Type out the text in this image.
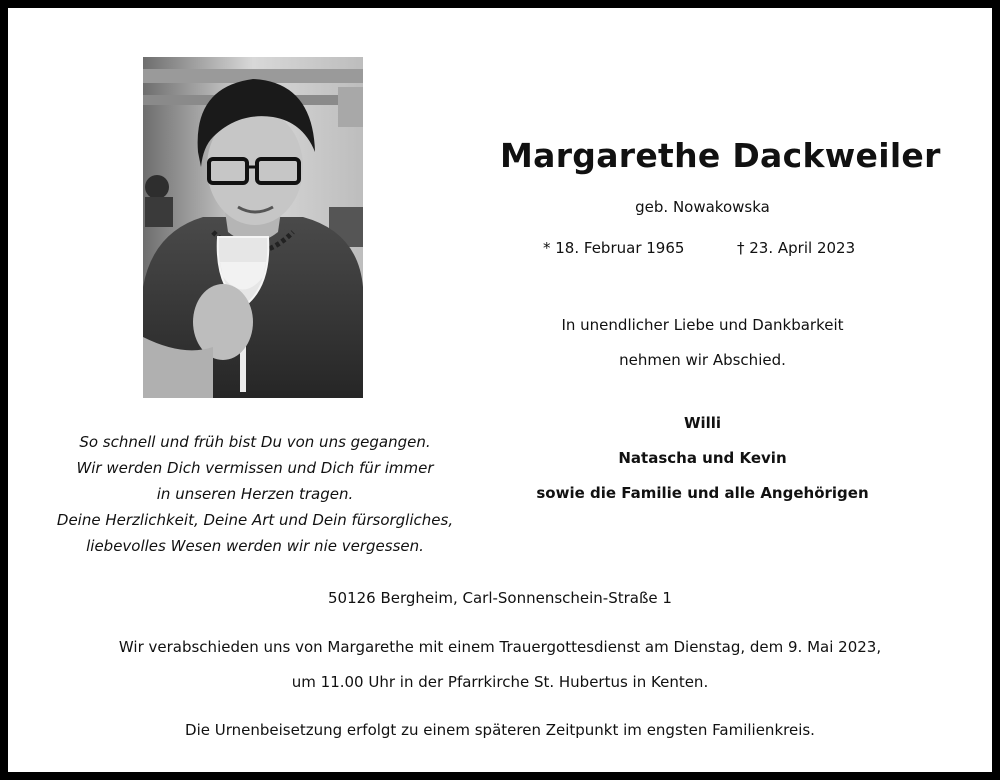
So schnell und früh bist Du von uns gegangen.
Wir werden Dich vermissen und Dich für immer
in unseren Herzen tragen.
Deine Herzlichkeit, Deine Art und Dein fürsorgliches,
liebevolles Wesen werden wir nie vergessen.
Margarethe Dackweiler
geb. Nowakowska
* 18. Februar 1965	† 23. April 2023
In unendlicher Liebe und Dankbarkeit
nehmen wir Abschied.
Willi
Natascha und Kevin
sowie die Familie und alle Angehörigen
50126 Bergheim, Carl-Sonnenschein-Straße 1
Wir verabschieden uns von Margarethe mit einem Trauergottesdienst am Dienstag, dem 9. Mai 2023,
um 11.00 Uhr in der Pfarrkirche St. Hubertus in Kenten.
Die Urnenbeisetzung erfolgt zu einem späteren Zeitpunkt im engsten Familienkreis.
